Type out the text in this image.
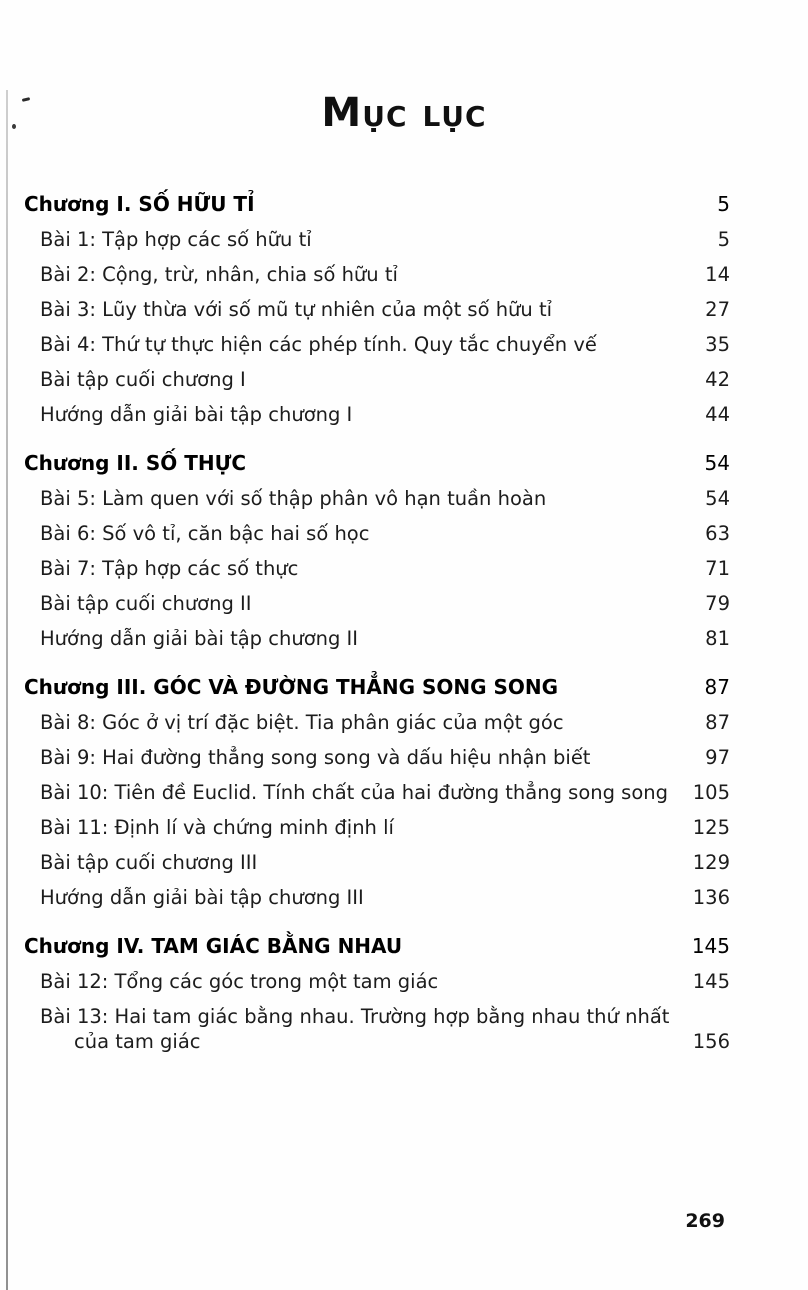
Mục lục
Chương I. SỐ HỮU TỈ	5
Bài 1: Tập hợp các số hữu tỉ	5
Bài 2: Cộng, trừ, nhân, chia số hữu tỉ	14
Bài 3: Lũy thừa với số mũ tự nhiên của một số hữu tỉ	27
Bài 4: Thứ tự thực hiện các phép tính. Quy tắc chuyển vế	35
Bài tập cuối chương I	42
Hướng dẫn giải bài tập chương I	44
Chương II. SỐ THỰC	54
Bài 5: Làm quen với số thập phân vô hạn tuần hoàn	54
Bài 6: Số vô tỉ, căn bậc hai số học	63
Bài 7: Tập hợp các số thực	71
Bài tập cuối chương II	79
Hướng dẫn giải bài tập chương II	81
Chương III. GÓC VÀ ĐƯỜNG THẲNG SONG SONG	87
Bài 8: Góc ở vị trí đặc biệt. Tia phân giác của một góc	87
Bài 9: Hai đường thẳng song song và dấu hiệu nhận biết	97
Bài 10: Tiên đề Euclid. Tính chất của hai đường thẳng song song	105
Bài 11: Định lí và chứng minh định lí	125
Bài tập cuối chương III	129
Hướng dẫn giải bài tập chương III	136
Chương IV. TAM GIÁC BẰNG NHAU	145
Bài 12: Tổng các góc trong một tam giác	145
Bài 13: Hai tam giác bằng nhau. Trường hợp bằng nhau thứ nhất của tam giác	156
269
